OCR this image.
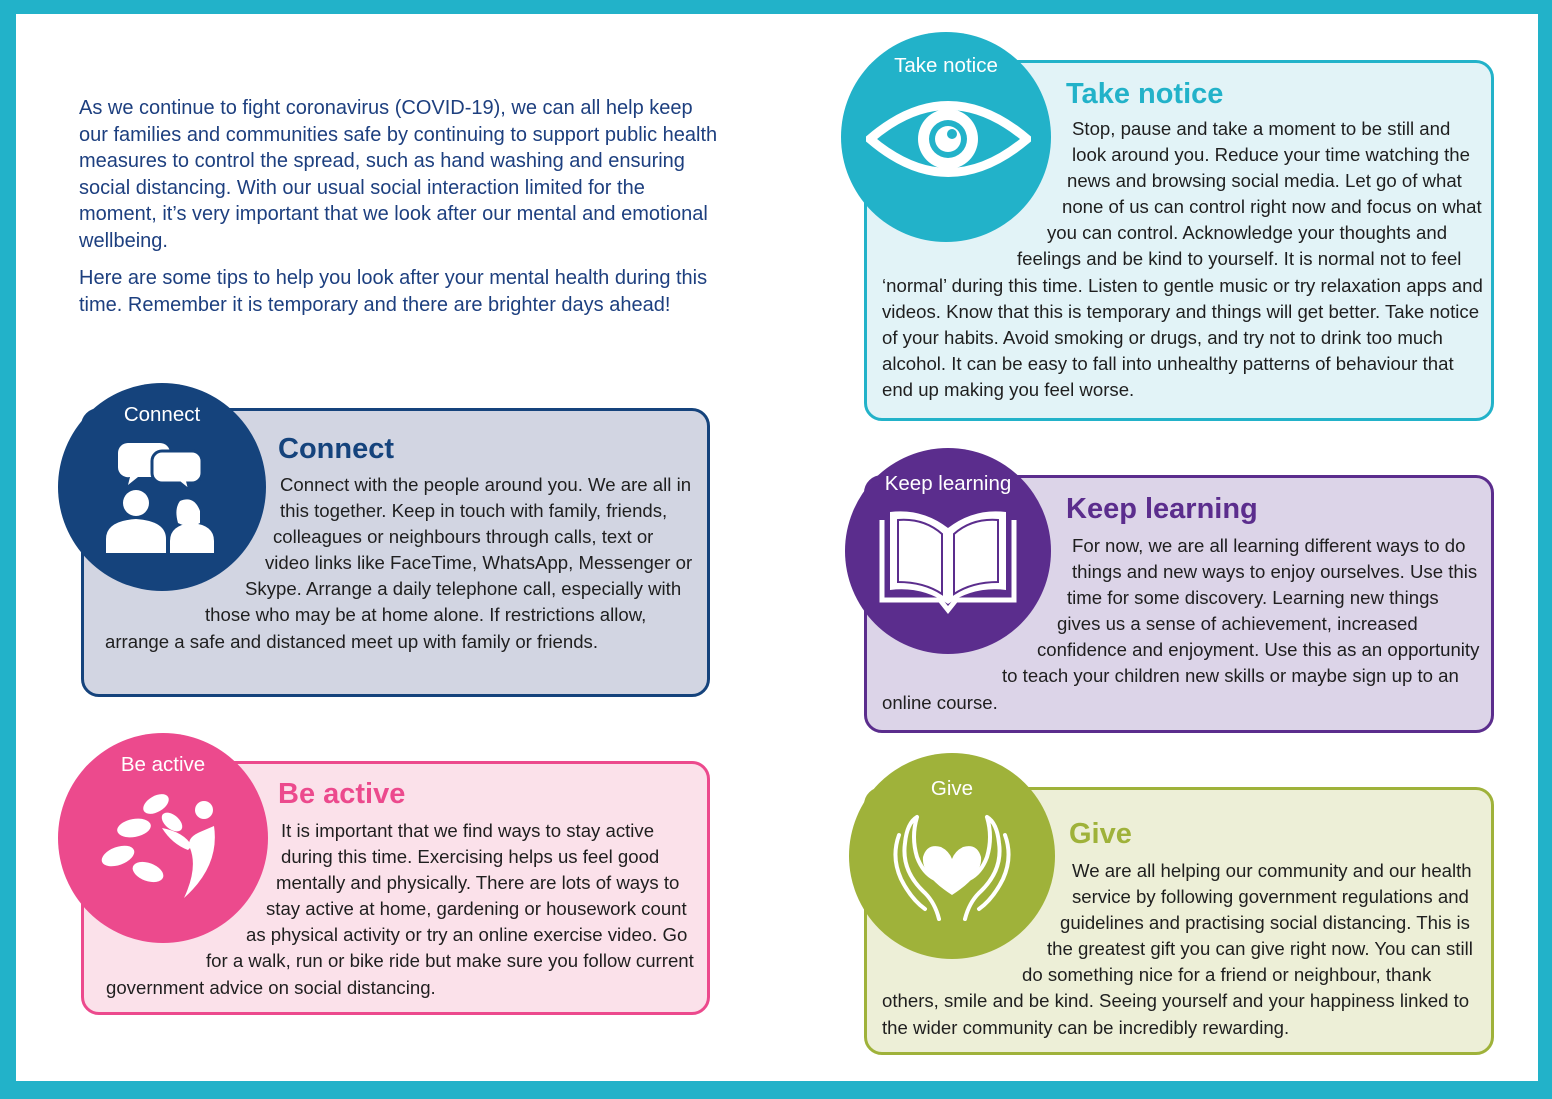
As we continue to fight coronavirus (COVID-19), we can all help keep our families and communities safe by continuing to support public health measures to control the spread, such as hand washing and ensuring social distancing. With our usual social interaction limited for the moment, it’s very important that we look after our mental and emotional wellbeing.

Here are some tips to help you look after your mental health during this time. Remember it is temporary and there are brighter days ahead!

Connect
Connect with the people around you. We are all in this together. Keep in touch with family, friends, colleagues or neighbours through calls, text or video links like FaceTime, WhatsApp, Messenger or Skype. Arrange a daily telephone call, especially with those who may be at home alone. If restrictions allow, arrange a safe and distanced meet up with family or friends.
Connect
Be active
It is important that we find ways to stay active during this time. Exercising helps us feel good mentally and physically. There are lots of ways to stay active at home, gardening or housework count as physical activity or try an online exercise video. Go for a walk, run or bike ride but make sure you follow current government advice on social distancing.
Be active
Take notice
Stop, pause and take a moment to be still and look around you. Reduce your time watching the news and browsing social media. Let go of what none of us can control right now and focus on what you can control. Acknowledge your thoughts and feelings and be kind to yourself. It is normal not to feel ‘normal’ during this time. Listen to gentle music or try relaxation apps and videos. Know that this is temporary and things will get better. Take notice of your habits. Avoid smoking or drugs, and try not to drink too much alcohol. It can be easy to fall into unhealthy patterns of behaviour that end up making you feel worse.
Take notice
Keep learning
For now, we are all learning different ways to do things and new ways to enjoy ourselves. Use this time for some discovery. Learning new things gives us a sense of achievement, increased confidence and enjoyment. Use this as an opportunity to teach your children new skills or maybe sign up to an online course.
Keep learning
Give
We are all helping our community and our health service by following government regulations and guidelines and practising social distancing. This is the greatest gift you can give right now. You can still do something nice for a friend or neighbour, thank others, smile and be kind. Seeing yourself and your happiness linked to the wider community can be incredibly rewarding.
Give
